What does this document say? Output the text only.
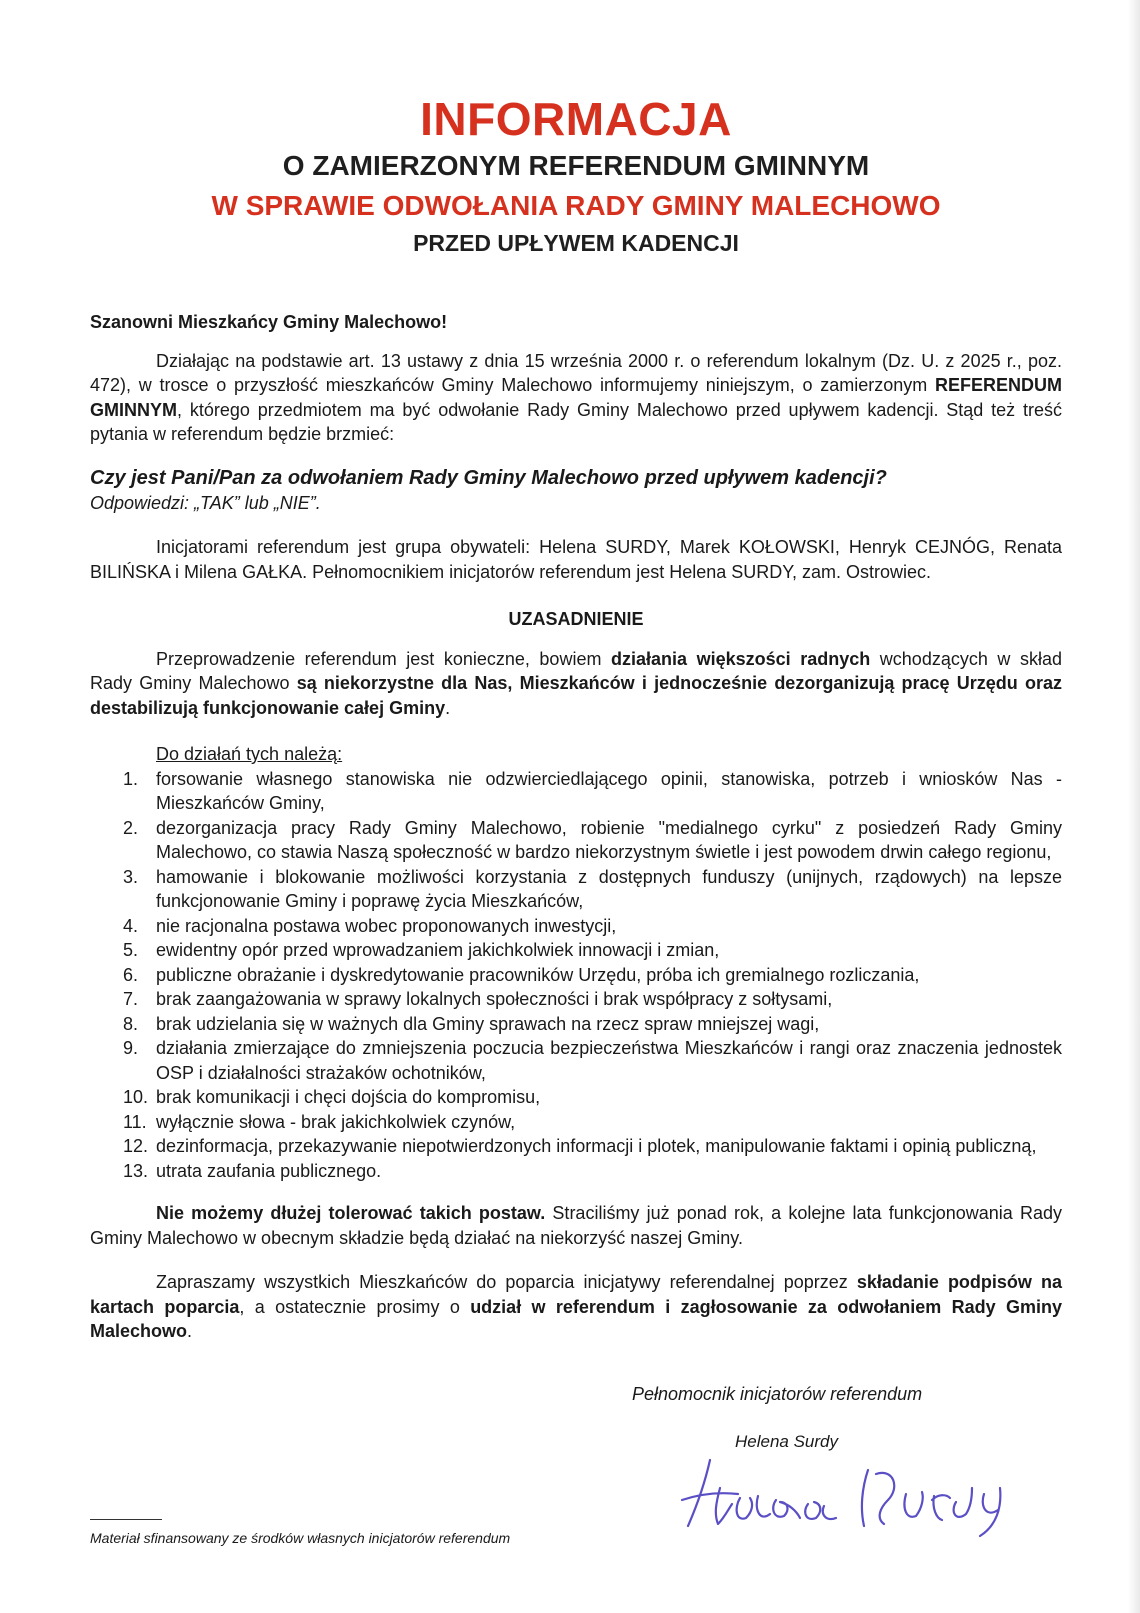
INFORMACJA
O ZAMIERZONYM REFERENDUM GMINNYM
W SPRAWIE ODWOŁANIA RADY GMINY MALECHOWO
PRZED UPŁYWEM KADENCJI

Szanowni Mieszkańcy Gminy Malechowo!

Działając na podstawie art. 13 ustawy z dnia 15 września 2000 r. o referendum lokalnym (Dz. U. z 2025 r., poz. 472), w trosce o przyszłość mieszkańców Gminy Malechowo informujemy niniejszym, o zamierzonym REFERENDUM GMINNYM, którego przedmiotem ma być odwołanie Rady Gminy Malechowo przed upływem kadencji. Stąd też treść pytania w referendum będzie brzmieć:

Czy jest Pani/Pan za odwołaniem Rady Gminy Malechowo przed upływem kadencji?
Odpowiedzi: „TAK” lub „NIE”.

Inicjatorami referendum jest grupa obywateli: Helena SURDY, Marek KOŁOWSKI, Henryk CEJNÓG, Renata BILIŃSKA i Milena GAŁKA. Pełnomocnikiem inicjatorów referendum jest Helena SURDY, zam. Ostrowiec.

UZASADNIENIE

Przeprowadzenie referendum jest konieczne, bowiem działania większości radnych wchodzących w skład Rady Gminy Malechowo są niekorzystne dla Nas, Mieszkańców i jednocześnie dezorganizują pracę Urzędu oraz destabilizują funkcjonowanie całej Gminy.

Do działań tych należą:
1. forsowanie własnego stanowiska nie odzwierciedlającego opinii, stanowiska, potrzeb i wniosków Nas - Mieszkańców Gminy,
2. dezorganizacja pracy Rady Gminy Malechowo, robienie "medialnego cyrku" z posiedzeń Rady Gminy Malechowo, co stawia Naszą społeczność w bardzo niekorzystnym świetle i jest powodem drwin całego regionu,
3. hamowanie i blokowanie możliwości korzystania z dostępnych funduszy (unijnych, rządowych) na lepsze funkcjonowanie Gminy i poprawę życia Mieszkańców,
4. nie racjonalna postawa wobec proponowanych inwestycji,
5. ewidentny opór przed wprowadzaniem jakichkolwiek innowacji i zmian,
6. publiczne obrażanie i dyskredytowanie pracowników Urzędu, próba ich gremialnego rozliczania,
7. brak zaangażowania w sprawy lokalnych społeczności i brak współpracy z sołtysami,
8. brak udzielania się w ważnych dla Gminy sprawach na rzecz spraw mniejszej wagi,
9. działania zmierzające do zmniejszenia poczucia bezpieczeństwa Mieszkańców i rangi oraz znaczenia jednostek OSP i działalności strażaków ochotników,
10. brak komunikacji i chęci dojścia do kompromisu,
11. wyłącznie słowa - brak jakichkolwiek czynów,
12. dezinformacja, przekazywanie niepotwierdzonych informacji i plotek, manipulowanie faktami i opinią publiczną,
13. utrata zaufania publicznego.

Nie możemy dłużej tolerować takich postaw. Straciliśmy już ponad rok, a kolejne lata funkcjonowania Rady Gminy Malechowo w obecnym składzie będą działać na niekorzyść naszej Gminy.

Zapraszamy wszystkich Mieszkańców do poparcia inicjatywy referendalnej poprzez składanie podpisów na kartach poparcia, a ostatecznie prosimy o udział w referendum i zagłosowanie za odwołaniem Rady Gminy Malechowo.

Pełnomocnik inicjatorów referendum
Helena Surdy
Materiał sfinansowany ze środków własnych inicjatorów referendum
